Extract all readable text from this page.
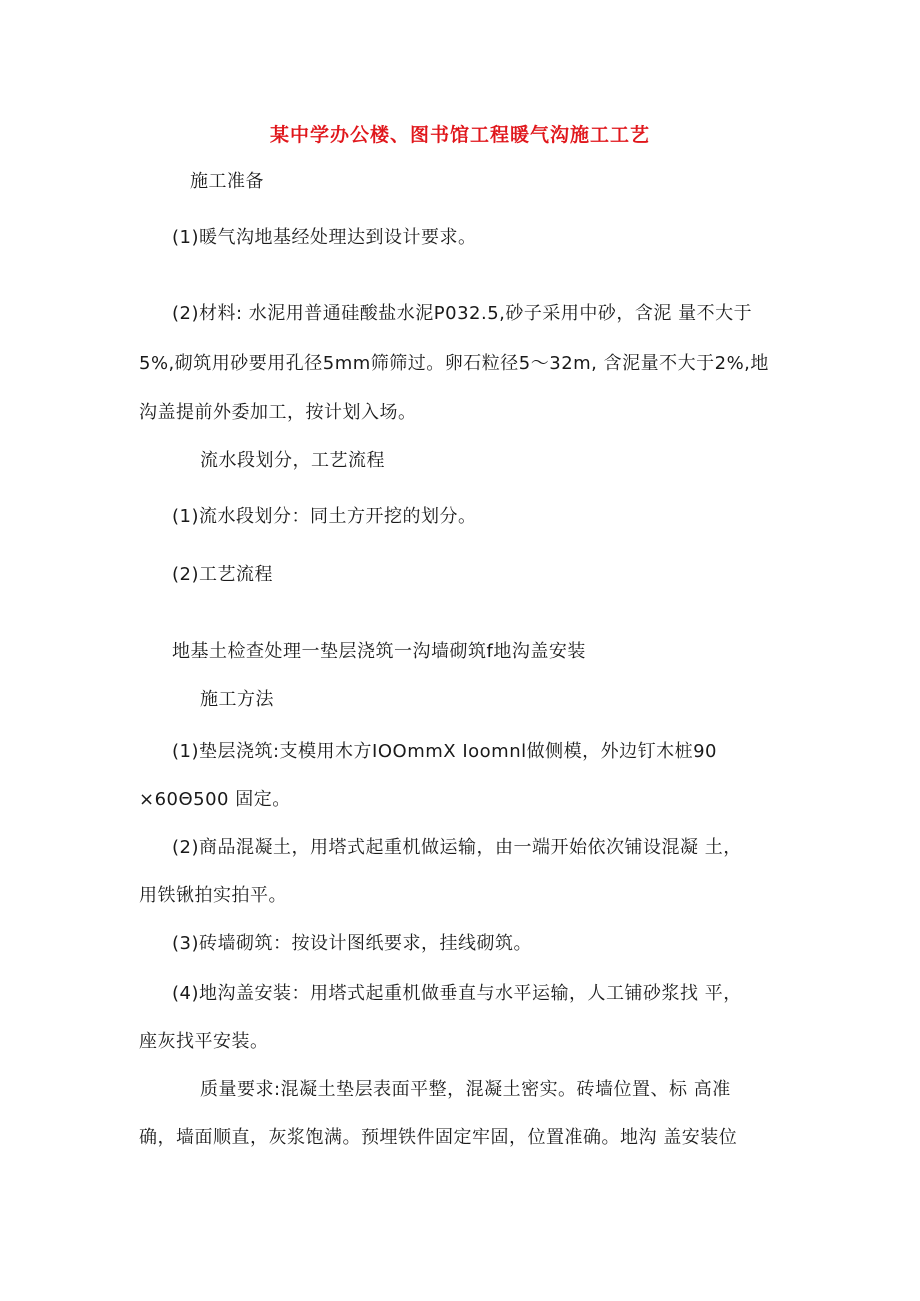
某中学办公楼、图书馆工程暖气沟施工工艺

施工准备

(1)暖气沟地基经处理达到设计要求。

(2)材料: 水泥用普通硅酸盐水泥P032.5,砂子采用中砂，含泥 量不大于

5%,砌筑用砂要用孔径5mm筛筛过。卵石粒径5～32m, 含泥量不大于2%,地

沟盖提前外委加工，按计划入场。

流水段划分，工艺流程

(1)流水段划分：同土方开挖的划分。

(2)工艺流程

地基土检查处理一垫层浇筑一沟墙砌筑f地沟盖安装

施工方法

(1)垫层浇筑:支模用木方IOOmmX Ioomnl做侧模，外边钉木桩90

×60Θ500 固定。

(2)商品混凝土，用塔式起重机做运输，由一端开始依次铺设混凝 土，

用铁锹拍实拍平。

(3)砖墙砌筑：按设计图纸要求，挂线砌筑。

(4)地沟盖安装：用塔式起重机做垂直与水平运输，人工铺砂浆找 平，

座灰找平安装。

质量要求:混凝土垫层表面平整，混凝土密实。砖墙位置、标 高准

确，墙面顺直，灰浆饱满。预埋铁件固定牢固，位置准确。地沟 盖安装位
